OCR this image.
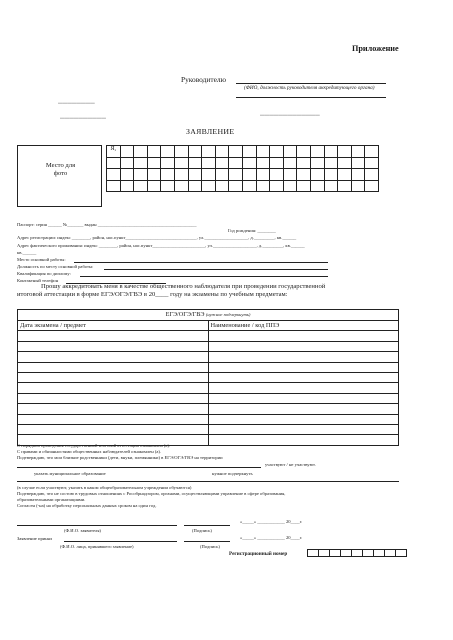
Приложение
Руководителю
(ФИО, должность руководителя аккредитующего органа)
▬▬▬▬▬▬▬▬
▬▬▬▬▬▬▬▬▬▬
▬▬▬▬▬▬▬▬▬▬▬▬▬
ЗАЯВЛЕНИЕ
Место для
фото
Я,																			

Паспорт: серия ______ №_______ выдан ___________________________________________
Год рождения: ________
Адрес регистрации: индекс ________, район, нас.пункт_______________________________, ул.___________________, д._________, кв.______
Адрес фактического проживания: индекс ________, район, нас.пункт_______________________, ул.___________________, д._________, кв.______
кв.______
Место основной работы:
Должность по месту основной работы:
Квалификация по диплому:
Контактный телефон
Прошу аккредитовать меня в качестве общественного наблюдателя при проведении государственной
итоговой аттестации в форме ЕГЭ/ОГЭ/ГВЭ в 20____ году на экзамены по учебным предметам:
ЕГЭ/ОГЭ/ГВЭ (нужное подчеркнуть)	
Дата экзамена / предмет	Наименование / код ППЭ

С порядком проведения государственной итоговой аттестации ознакомлен (а).
С правами и обязанностями общественных наблюдателей ознакомлен (а).
Подтверждаю, что мои близкие родственники (дети, внуки, племянники) в ЕГЭ/ОГЭ/ГВЭ на территории
участвуют / не участвуют.
указать муниципальное образование	нужное подчеркнуть
(в случае если участвуют, указать в каком общеобразовательном учреждении обучаются)
Подтверждаю, что не состою в трудовых отношениях с Рособрнадзором, органами, осуществляющими управление в сфере образования,
образовательными организациями.
Согласен (-на) на обработку персональных данных сроком на один год.
«_____» ____________ 20____г.
(Ф.И.О. заявителя)	(Подпись)
Заявление принял	«_____» ____________ 20____г.
(Ф.И.О. лица, принявшего заявление)	(Подпись)
Регистрационный номер
